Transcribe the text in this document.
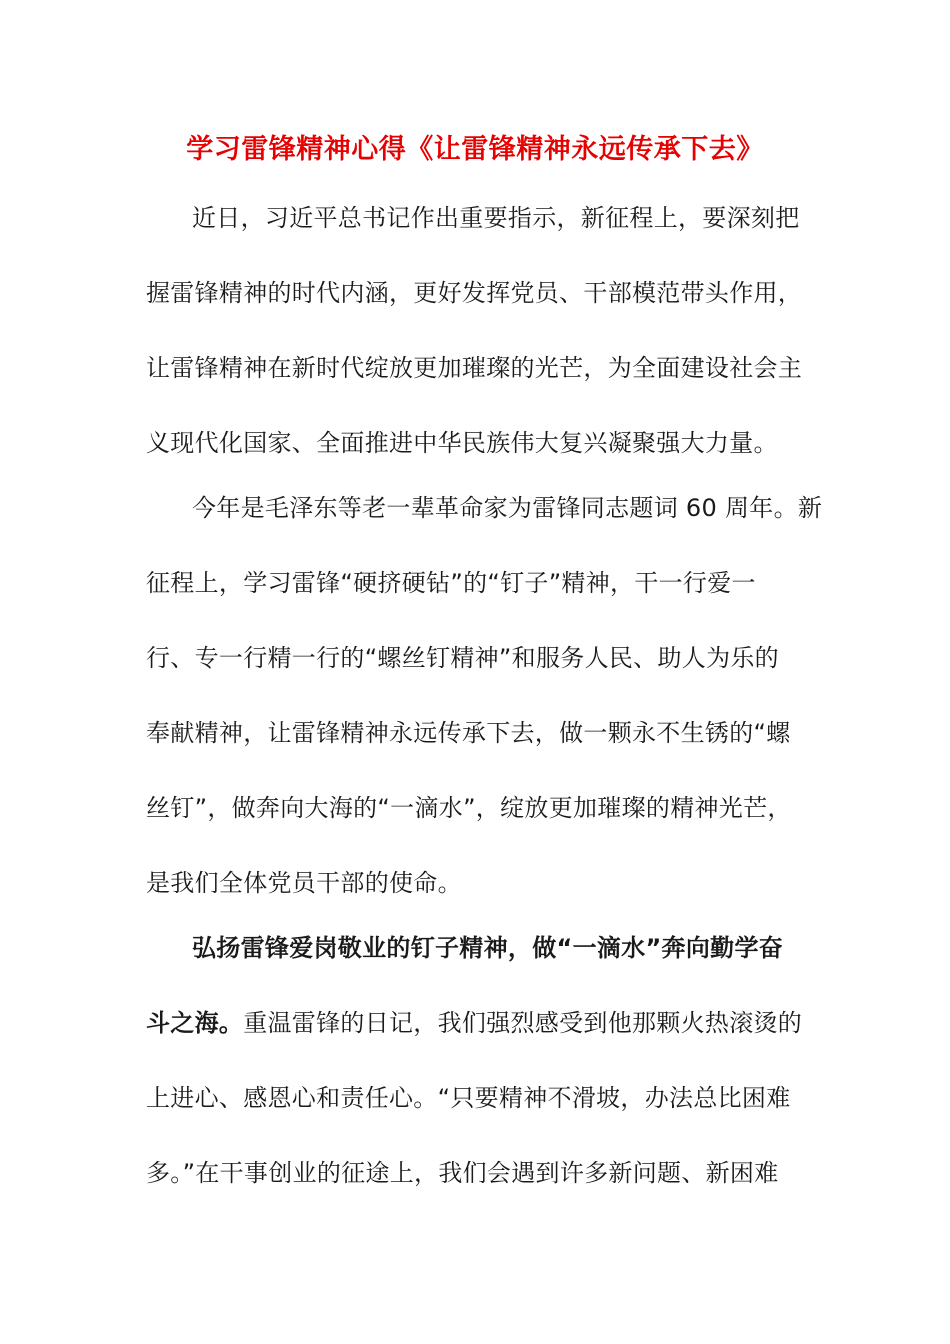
学习雷锋精神心得《让雷锋精神永远传承下去》
近日，习近平总书记作出重要指示，新征程上，要深刻把
握雷锋精神的时代内涵，更好发挥党员、干部模范带头作用，
让雷锋精神在新时代绽放更加璀璨的光芒，为全面建设社会主
义现代化国家、全面推进中华民族伟大复兴凝聚强大力量。
今年是毛泽东等老一辈革命家为雷锋同志题词 60 周年。新
征程上，学习雷锋“硬挤硬钻”的“钉子”精神，干一行爱一
行、专一行精一行的“螺丝钉精神”和服务人民、助人为乐的
奉献精神，让雷锋精神永远传承下去，做一颗永不生锈的“螺
丝钉”，做奔向大海的“一滴水”，绽放更加璀璨的精神光芒，
是我们全体党员干部的使命。
弘扬雷锋爱岗敬业的钉子精神，做“一滴水”奔向勤学奋
斗之海。重温雷锋的日记，我们强烈感受到他那颗火热滚烫的
上进心、感恩心和责任心。“只要精神不滑坡，办法总比困难
多。”在干事创业的征途上，我们会遇到许多新问题、新困难
